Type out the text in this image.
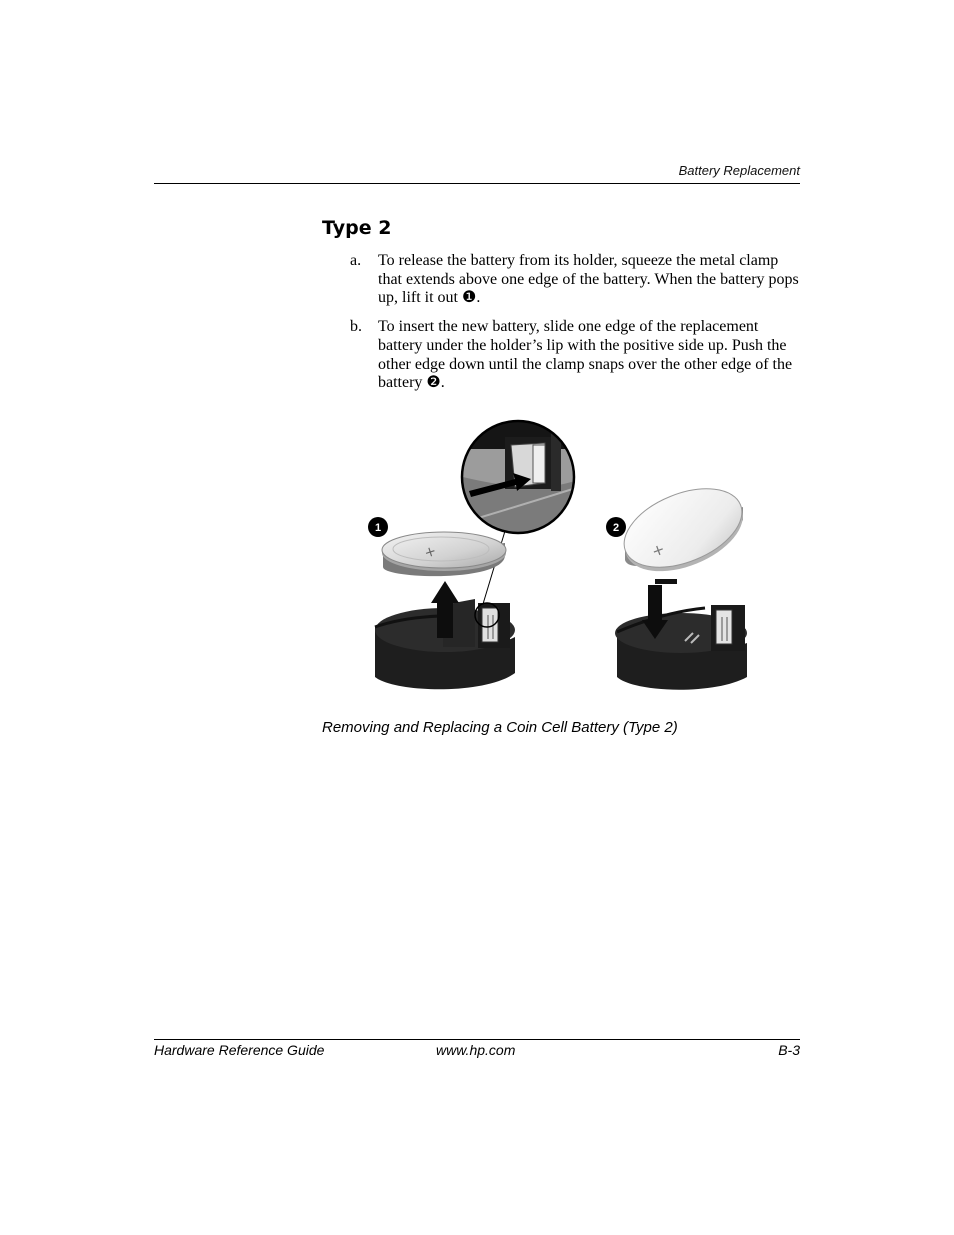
Battery Replacement
Type 2
a. To release the battery from its holder, squeeze the metal clamp that extends above one edge of the battery. When the battery pops up, lift it out ❶.
b. To insert the new battery, slide one edge of the replacement battery under the holder’s lip with the positive side up. Push the other edge down until the clamp snaps over the other edge of the battery ❷.
+
1
+
2
Removing and Replacing a Coin Cell Battery (Type 2)
Hardware Reference Guide	www.hp.com	B-3
